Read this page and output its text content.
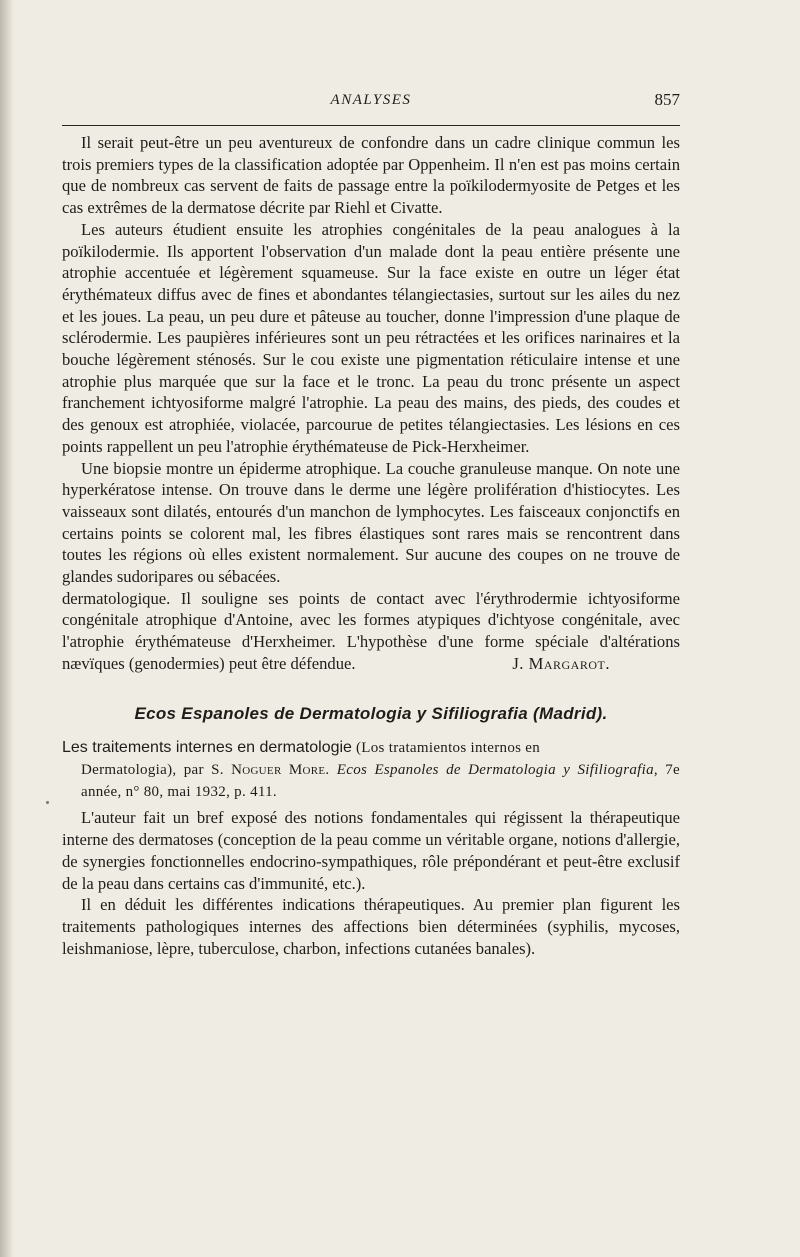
ANALYSES	857

Il serait peut-être un peu aventureux de confondre dans un cadre clinique commun les trois premiers types de la classification adoptée par Oppenheim. Il n'en est pas moins certain que de nombreux cas servent de faits de passage entre la poïkilodermyosite de Petges et les cas extrêmes de la dermatose décrite par Riehl et Civatte.

Les auteurs étudient ensuite les atrophies congénitales de la peau analogues à la poïkilodermie. Ils apportent l'observation d'un malade dont la peau entière présente une atrophie accentuée et légèrement squameuse. Sur la face existe en outre un léger état érythémateux diffus avec de fines et abondantes télangiectasies, surtout sur les ailes du nez et les joues. La peau, un peu dure et pâteuse au toucher, donne l'impression d'une plaque de sclérodermie. Les paupières inférieures sont un peu rétractées et les orifices narinaires et la bouche légèrement sténosés. Sur le cou existe une pigmentation réticulaire intense et une atrophie plus marquée que sur la face et le tronc. La peau du tronc présente un aspect franchement ichtyosiforme malgré l'atrophie. La peau des mains, des pieds, des coudes et des genoux est atrophiée, violacée, parcourue de petites télangiectasies. Les lésions en ces points rappellent un peu l'atrophie érythémateuse de Pick-Herxheimer.

Une biopsie montre un épiderme atrophique. La couche granuleuse manque. On note une hyperkératose intense. On trouve dans le derme une légère prolifération d'histiocytes. Les vaisseaux sont dilatés, entourés d'un manchon de lymphocytes. Les faisceaux conjonctifs en certains points se colorent mal, les fibres élastiques sont rares mais se rencontrent dans toutes les régions où elles existent normalement. Sur aucune des coupes on ne trouve de glandes sudoripares ou sébacées.

dermatologique. Il souligne ses points de contact avec l'érythrodermie ichtyosiforme congénitale atrophique d'Antoine, avec les formes atypiques d'ichtyose congénitale, avec l'atrophie érythémateuse d'Herxheimer. L'hypothèse d'une forme spéciale d'altérations nævïques (genodermies) peut être défendue.	J. Margarot.
Ecos Espanoles de Dermatologia y Sifiliografia (Madrid).
Les traitements internes en dermatologie (Los tratamientos internos en
Dermatologia), par S. Noguer More. Ecos Espanoles de Dermatologia y Sifiliografia, 7e année, n° 80, mai 1932, p. 411.

L'auteur fait un bref exposé des notions fondamentales qui régissent la thérapeutique interne des dermatoses (conception de la peau comme un véritable organe, notions d'allergie, de synergies fonctionnelles endocrino-sympathiques, rôle prépondérant et peut-être exclusif de la peau dans certains cas d'immunité, etc.).

Il en déduit les différentes indications thérapeutiques. Au premier plan figurent les traitements pathologiques internes des affections bien déterminées (syphilis, mycoses, leishmaniose, lèpre, tuberculose, charbon, infections cutanées banales).
